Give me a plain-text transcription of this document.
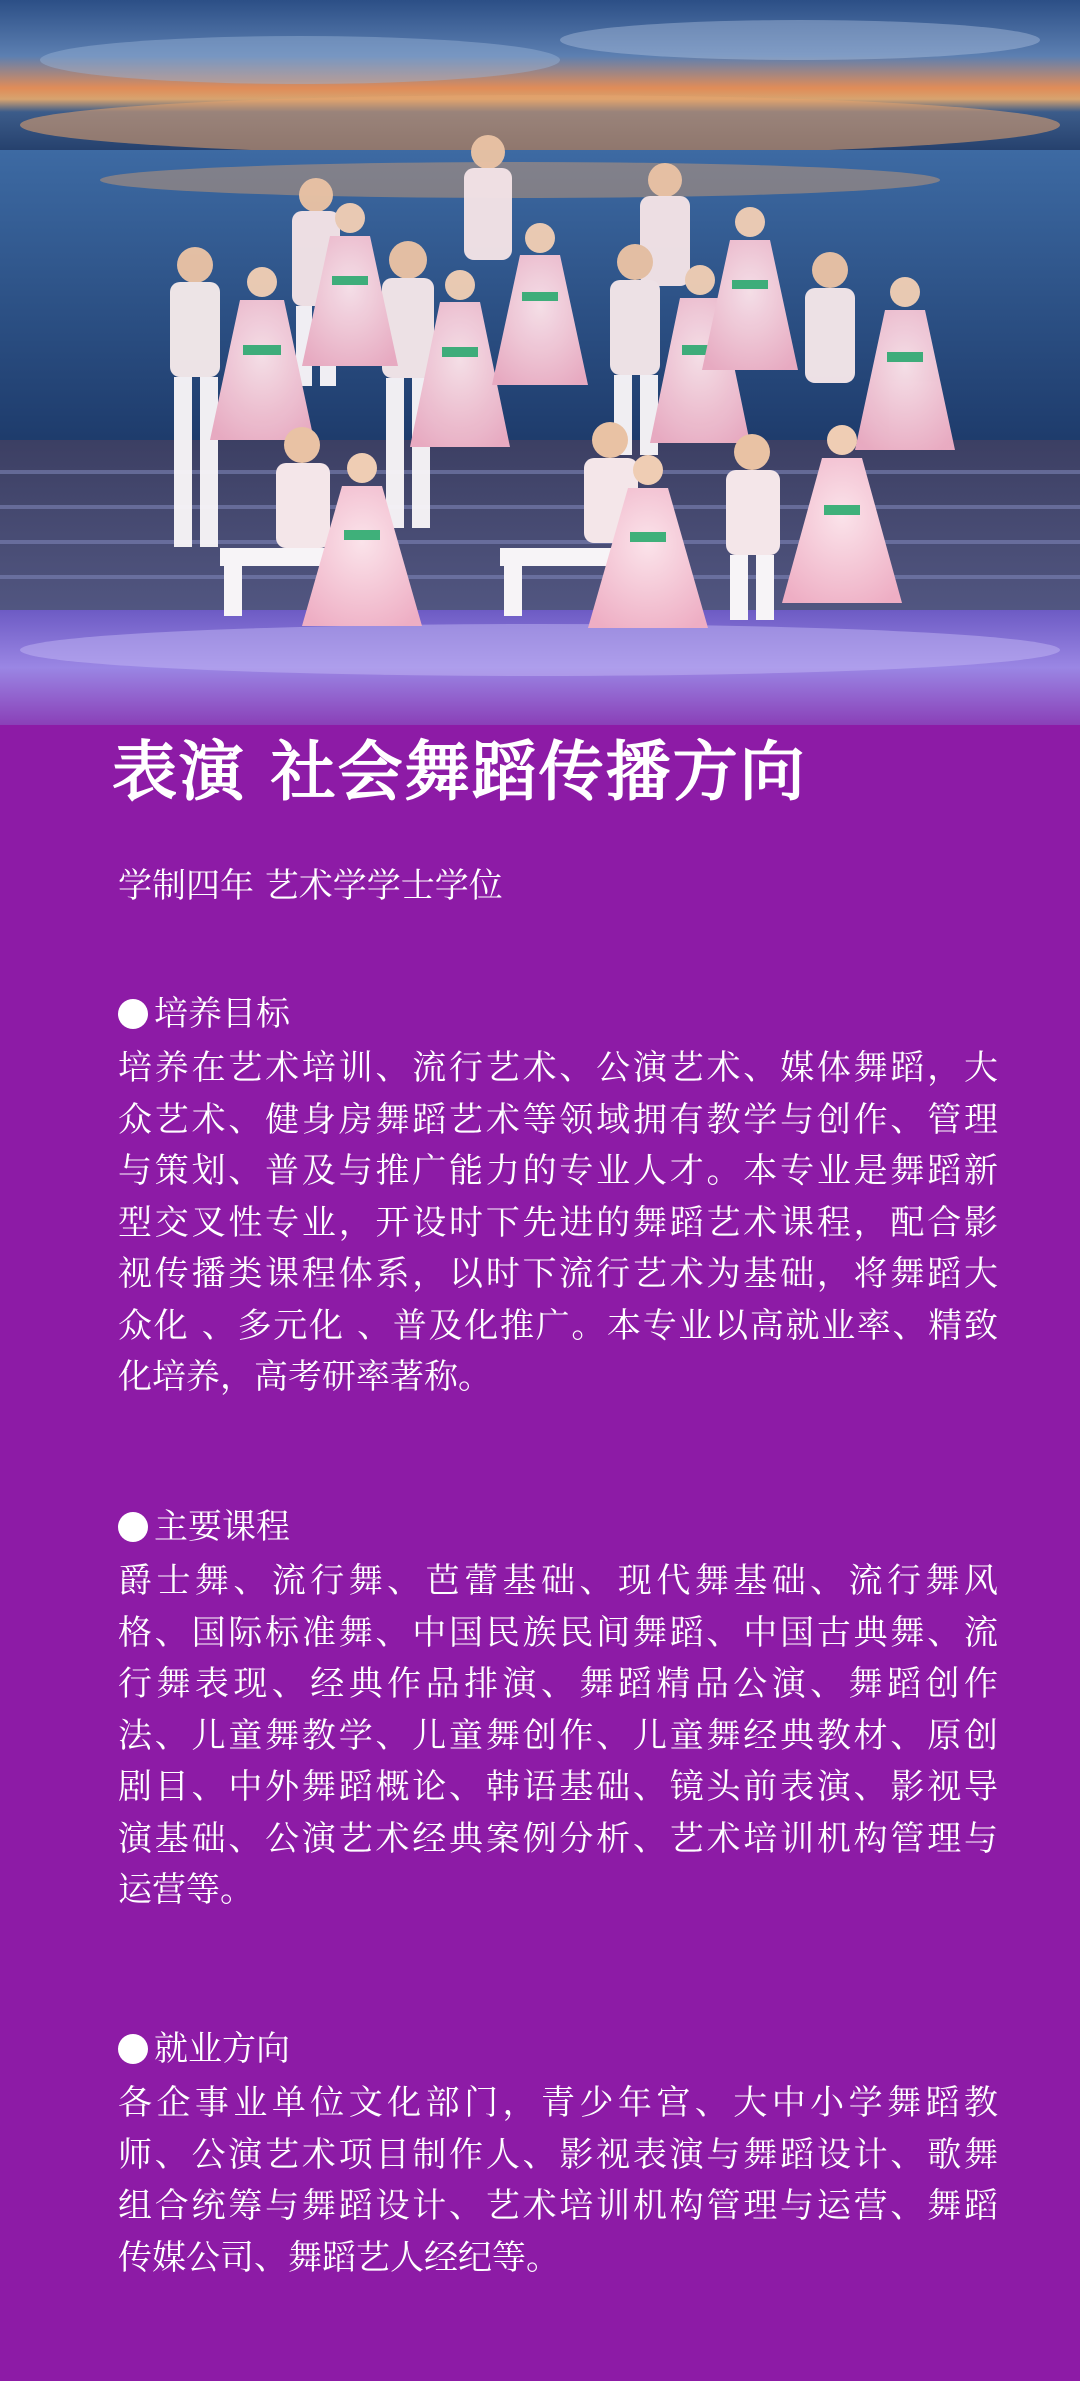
表演 社会舞蹈传播方向
学制四年 艺术学学士学位
培养目标
培养在艺术培训、流行艺术、公演艺术、媒体舞蹈，大
众艺术、健身房舞蹈艺术等领域拥有教学与创作、管理
与策划、普及与推广能力的专业人才。本专业是舞蹈新
型交叉性专业，开设时下先进的舞蹈艺术课程，配合影
视传播类课程体系，以时下流行艺术为基础，将舞蹈大
众化 、多元化 、普及化推广。本专业以高就业率、精致
化培养，高考研率著称。
主要课程
爵士舞、流行舞、芭蕾基础、现代舞基础、流行舞风
格、国际标准舞、中国民族民间舞蹈、中国古典舞、流
行舞表现、经典作品排演、舞蹈精品公演、舞蹈创作
法、儿童舞教学、儿童舞创作、儿童舞经典教材、原创
剧目、中外舞蹈概论、韩语基础、镜头前表演、影视导
演基础、公演艺术经典案例分析、艺术培训机构管理与
运营等。
就业方向
各企事业单位文化部门，青少年宫、大中小学舞蹈教
师、公演艺术项目制作人、影视表演与舞蹈设计、歌舞
组合统筹与舞蹈设计、艺术培训机构管理与运营、舞蹈
传媒公司、舞蹈艺人经纪等。
